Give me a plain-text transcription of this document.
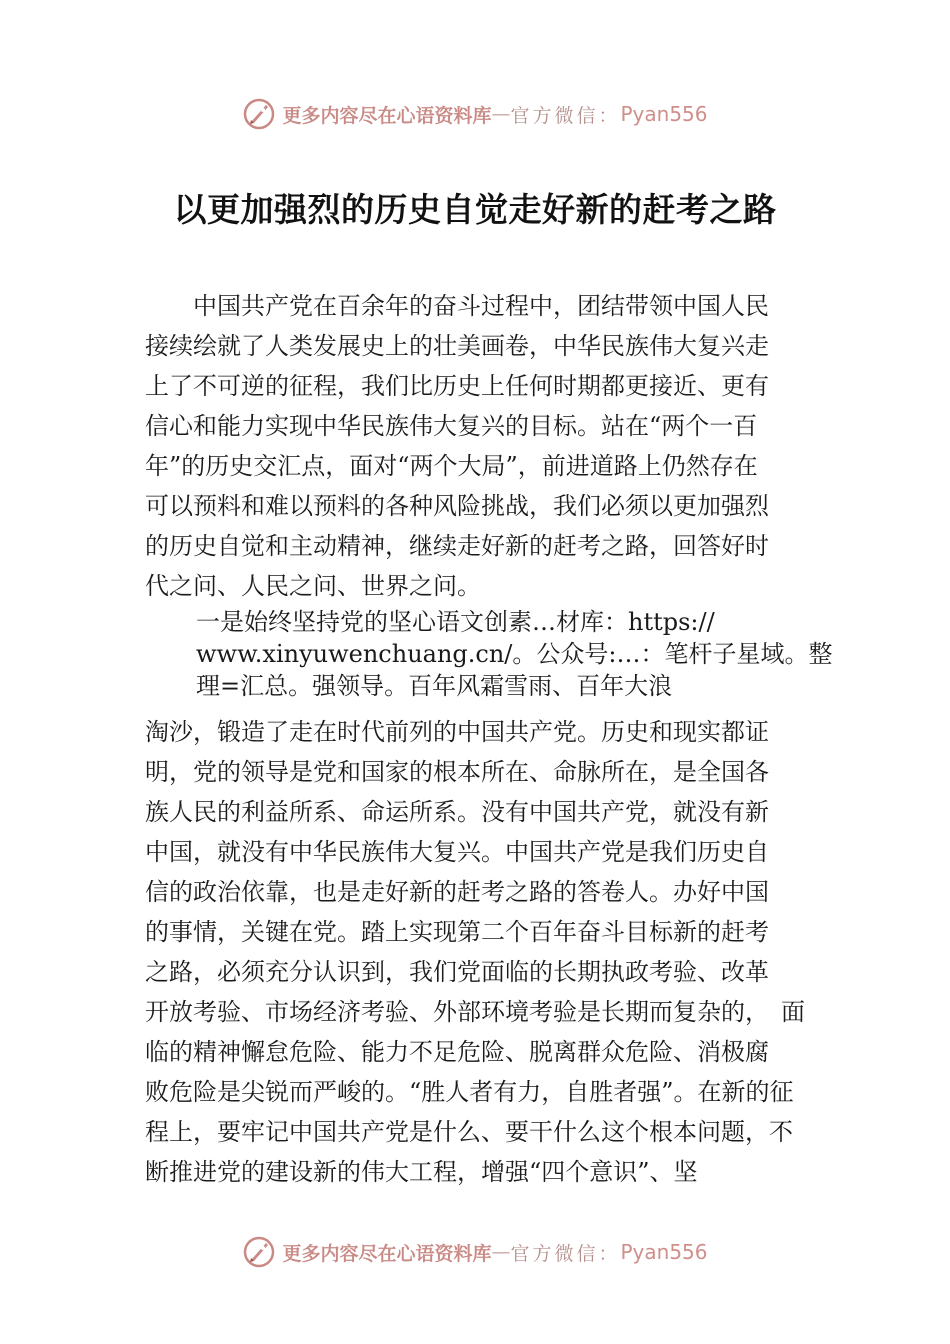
更多内容尽在心语资料库 — 官方微信： Pyan556
以更加强烈的历史自觉走好新的赶考之路
　　中国共产党在百余年的奋斗过程中，团结带领中国人民
接续绘就了人类发展史上的壮美画卷，中华民族伟大复兴走
上了不可逆的征程，我们比历史上任何时期都更接近、更有
信心和能力实现中华民族伟大复兴的目标。站在“两个一百
年”的历史交汇点，面对“两个大局”，前进道路上仍然存在
可以预料和难以预料的各种风险挑战，我们必须以更加强烈
的历史自觉和主动精神，继续走好新的赶考之路，回答好时
代之问、人民之问、世界之问。
一是始终坚持党的坚心语文创素…材库：https://
www.xinyuwenchuang.cn/。公众号:…：笔杆子星域。整
理=汇总。强领导。百年风霜雪雨、百年大浪
淘沙，锻造了走在时代前列的中国共产党。历史和现实都证
明，党的领导是党和国家的根本所在、命脉所在，是全国各
族人民的利益所系、命运所系。没有中国共产党，就没有新
中国，就没有中华民族伟大复兴。中国共产党是我们历史自
信的政治依靠，也是走好新的赶考之路的答卷人。办好中国
的事情，关键在党。踏上实现第二个百年奋斗目标新的赶考
之路，必须充分认识到，我们党面临的长期执政考验、改革
开放考验、市场经济考验、外部环境考验是长期而复杂的，　面
临的精神懈怠危险、能力不足危险、脱离群众危险、消极腐
败危险是尖锐而严峻的。“胜人者有力，自胜者强”。在新的征
程上，要牢记中国共产党是什么、要干什么这个根本问题，不
断推进党的建设新的伟大工程，增强“四个意识”、坚
更多内容尽在心语资料库 — 官方微信： Pyan556
